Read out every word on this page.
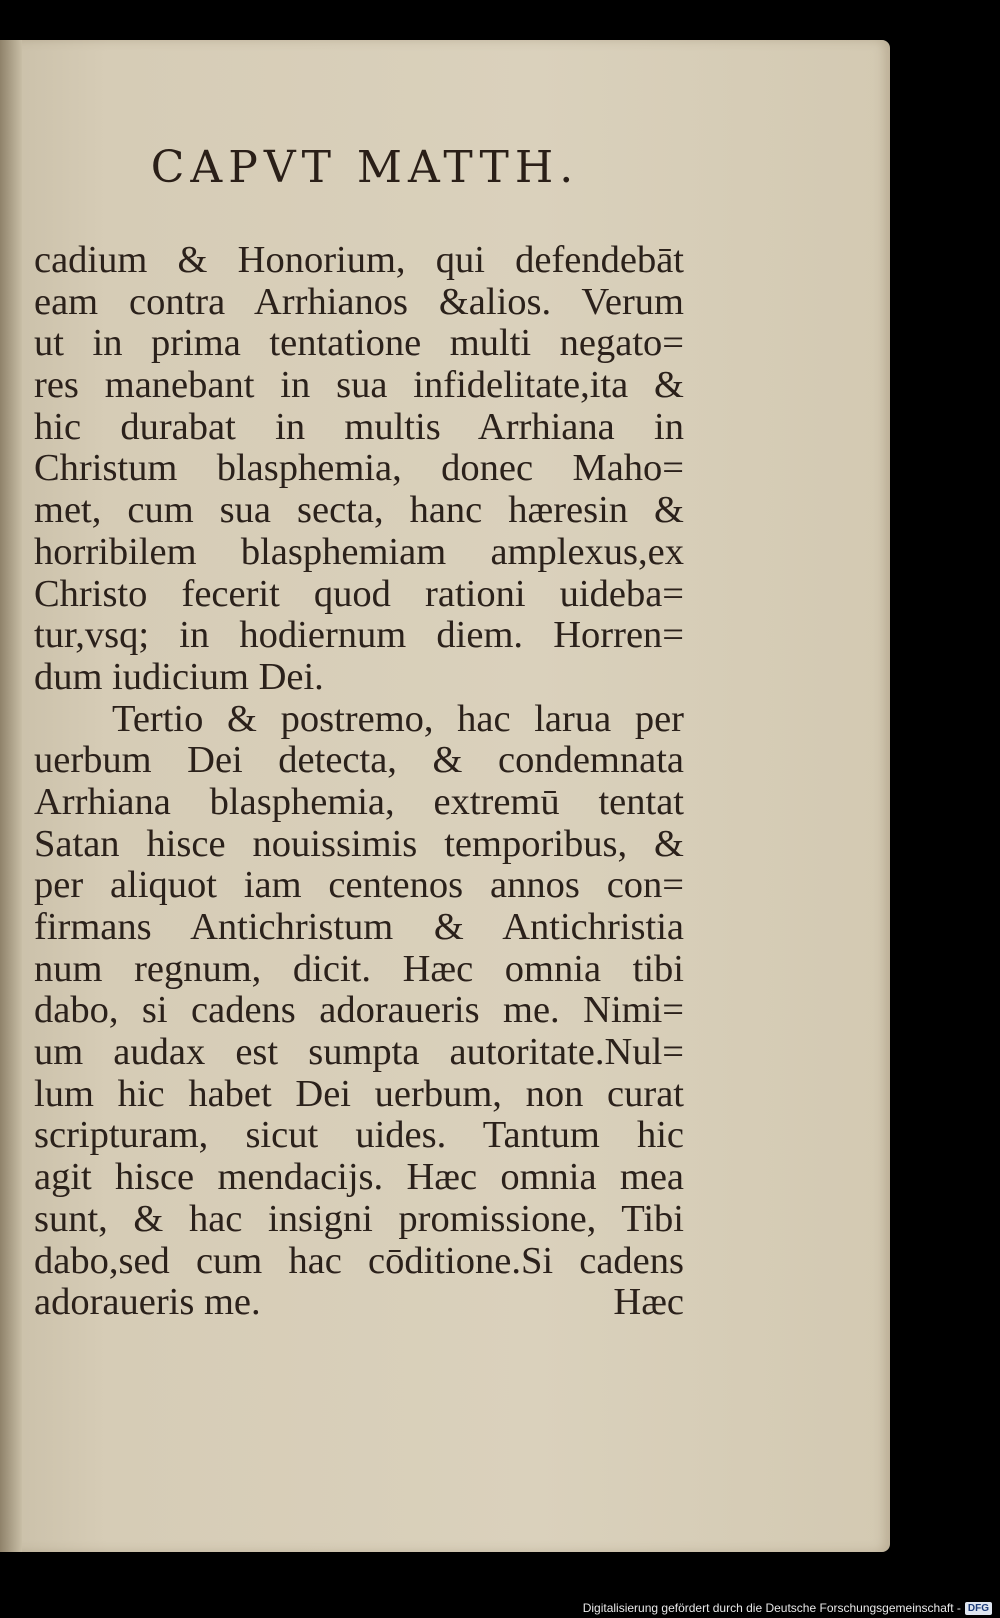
CAPVT MATTH.
cadium & Honorium, qui defendebāt
eam contra Arrhianos &alios. Verum
ut in prima tentatione multi negato=
res manebant in sua infidelitate,ita &
hic durabat in multis Arrhiana in
Christum blasphemia, donec Maho=
met, cum sua secta, hanc hæresin &
horribilem blasphemiam amplexus,ex
Christo fecerit quod rationi uideba=
tur,vsq; in hodiernum diem. Horren=
dum iudicium Dei.
Tertio & postremo, hac larua per
uerbum Dei detecta, & condemnata
Arrhiana blasphemia, extremū tentat
Satan hisce nouissimis temporibus, &
per aliquot iam centenos annos con=
firmans Antichristum & Antichristia
num regnum, dicit. Hæc omnia tibi
dabo, si cadens adoraueris me. Nimi=
um audax est sumpta autoritate.Nul=
lum hic habet Dei uerbum, non curat
scripturam, sicut uides. Tantum hic
agit hisce mendacijs. Hæc omnia mea
sunt, & hac insigni promissione, Tibi
dabo,sed cum hac cōditione.Si cadens
adoraueris me.	Hæc
Digitalisierung gefördert durch die Deutsche Forschungsgemeinschaft - DFG
